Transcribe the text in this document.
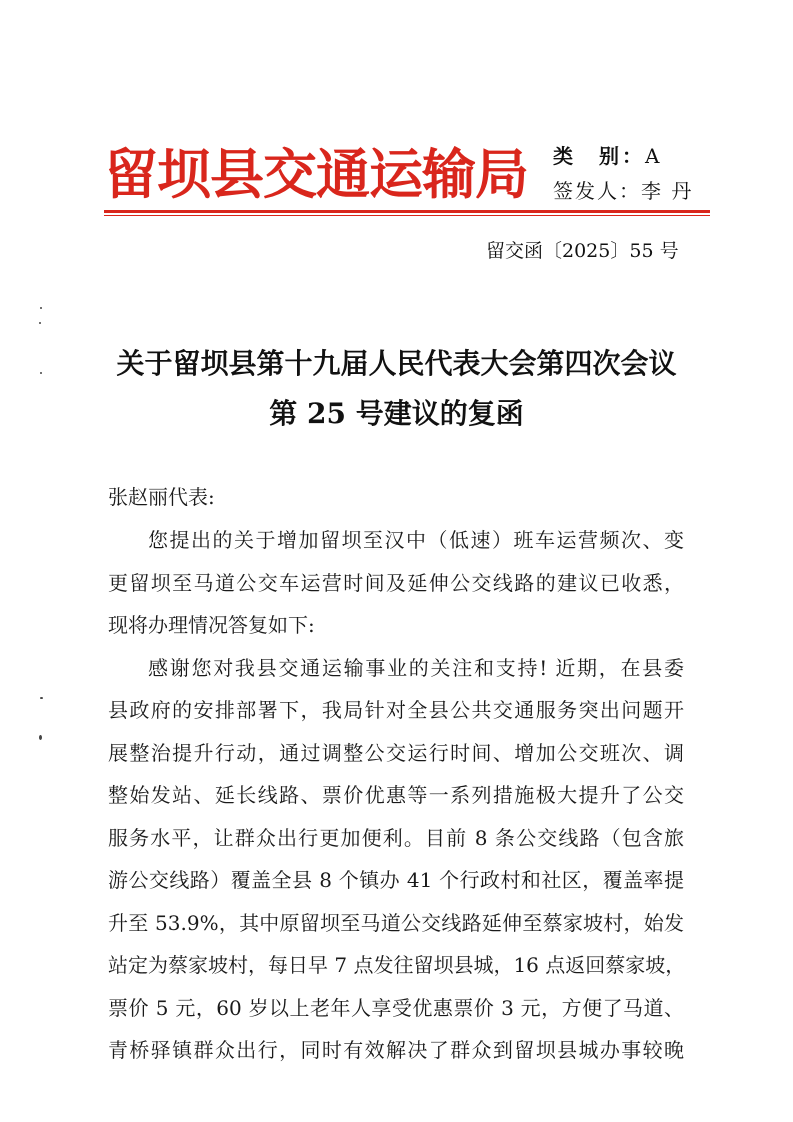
留坝县交通运输局 类　别：A
签发人：李 丹
留交函〔2025〕55 号
关于留坝县第十九届人民代表大会第四次会议
第 25 号建议的复函
张赵丽代表:
您提出的关于增加留坝至汉中（低速）班车运营频次、变
更留坝至马道公交车运营时间及延伸公交线路的建议已收悉，
现将办理情况答复如下:
感谢您对我县交通运输事业的关注和支持! 近期，在县委
县政府的安排部署下，我局针对全县公共交通服务突出问题开
展整治提升行动，通过调整公交运行时间、增加公交班次、调
整始发站、延长线路、票价优惠等一系列措施极大提升了公交
服务水平，让群众出行更加便利。目前 8 条公交线路（包含旅
游公交线路）覆盖全县 8 个镇办 41 个行政村和社区，覆盖率提
升至 53.9%，其中原留坝至马道公交线路延伸至蔡家坡村，始发
站定为蔡家坡村，每日早 7 点发往留坝县城，16 点返回蔡家坡，
票价 5 元，60 岁以上老年人享受优惠票价 3 元，方便了马道、
青桥驿镇群众出行，同时有效解决了群众到留坝县城办事较晚
